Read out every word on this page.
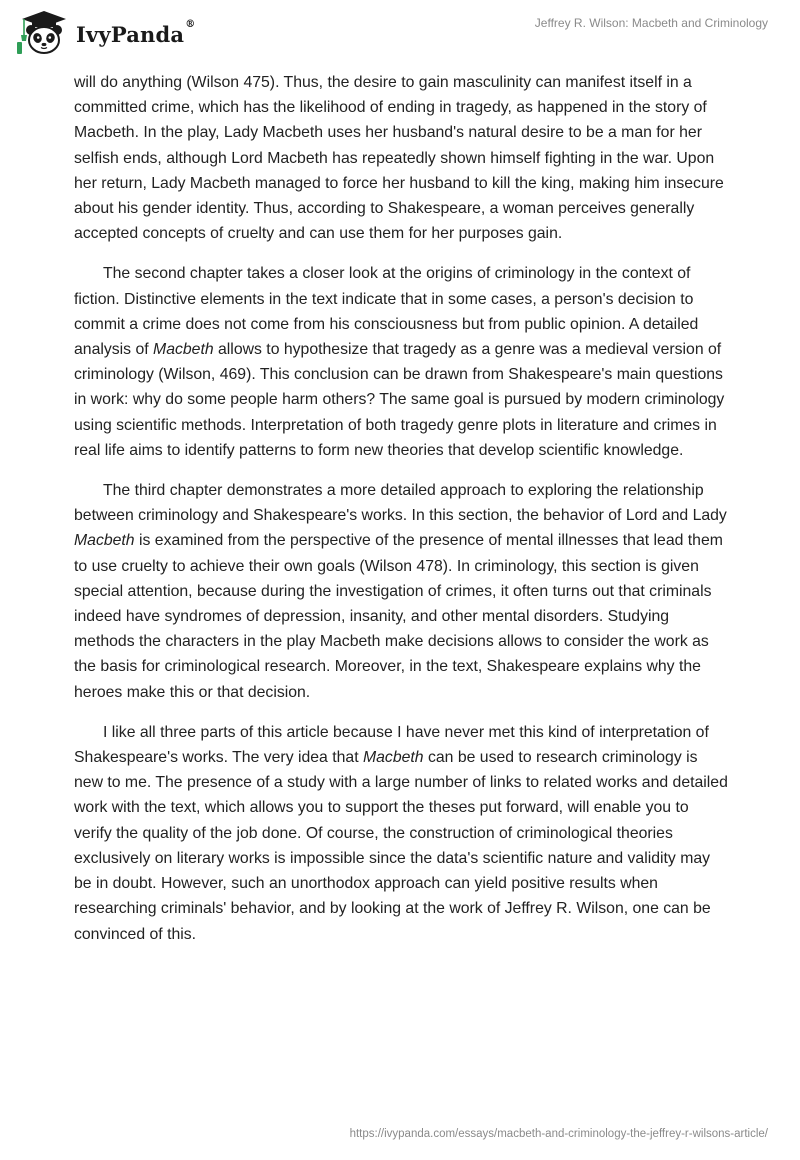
IvyPanda®	Jeffrey R. Wilson: Macbeth and Criminology

will do anything (Wilson 475). Thus, the desire to gain masculinity can manifest itself in a committed crime, which has the likelihood of ending in tragedy, as happened in the story of Macbeth. In the play, Lady Macbeth uses her husband's natural desire to be a man for her selfish ends, although Lord Macbeth has repeatedly shown himself fighting in the war. Upon her return, Lady Macbeth managed to force her husband to kill the king, making him insecure about his gender identity. Thus, according to Shakespeare, a woman perceives generally accepted concepts of cruelty and can use them for her purposes gain.

The second chapter takes a closer look at the origins of criminology in the context of fiction. Distinctive elements in the text indicate that in some cases, a person's decision to commit a crime does not come from his consciousness but from public opinion. A detailed analysis of Macbeth allows to hypothesize that tragedy as a genre was a medieval version of criminology (Wilson, 469). This conclusion can be drawn from Shakespeare's main questions in work: why do some people harm others? The same goal is pursued by modern criminology using scientific methods. Interpretation of both tragedy genre plots in literature and crimes in real life aims to identify patterns to form new theories that develop scientific knowledge.

The third chapter demonstrates a more detailed approach to exploring the relationship between criminology and Shakespeare's works. In this section, the behavior of Lord and Lady Macbeth is examined from the perspective of the presence of mental illnesses that lead them to use cruelty to achieve their own goals (Wilson 478). In criminology, this section is given special attention, because during the investigation of crimes, it often turns out that criminals indeed have syndromes of depression, insanity, and other mental disorders. Studying methods the characters in the play Macbeth make decisions allows to consider the work as the basis for criminological research. Moreover, in the text, Shakespeare explains why the heroes make this or that decision.

I like all three parts of this article because I have never met this kind of interpretation of Shakespeare's works. The very idea that Macbeth can be used to research criminology is new to me. The presence of a study with a large number of links to related works and detailed work with the text, which allows you to support the theses put forward, will enable you to verify the quality of the job done. Of course, the construction of criminological theories exclusively on literary works is impossible since the data's scientific nature and validity may be in doubt. However, such an unorthodox approach can yield positive results when researching criminals' behavior, and by looking at the work of Jeffrey R. Wilson, one can be convinced of this.

https://ivypanda.com/essays/macbeth-and-criminology-the-jeffrey-r-wilsons-article/
